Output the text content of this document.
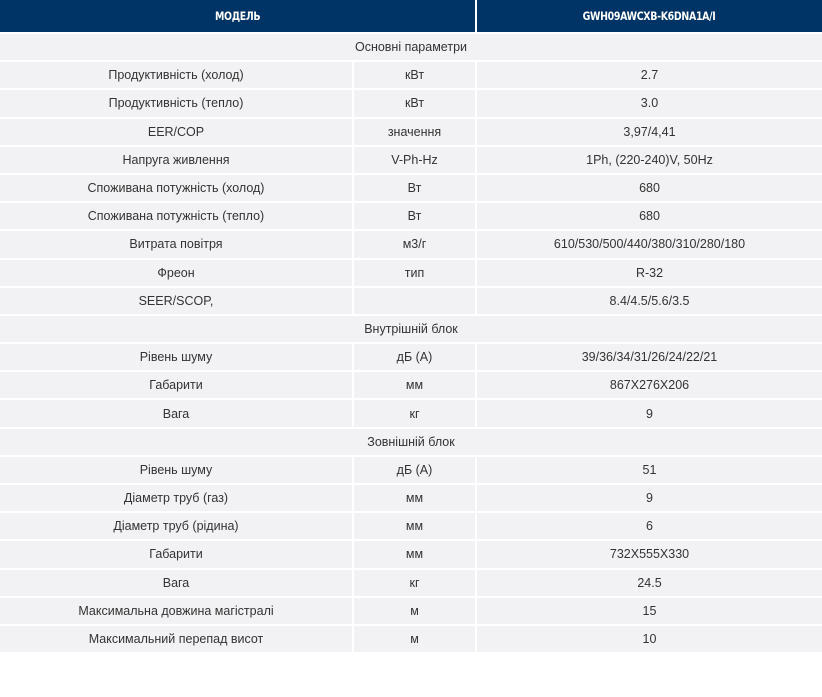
МОДЕЛЬ		GWH09AWCXB-K6DNA1A/I
Основні параметри		
Продуктивність (холод)	кВт	2.7
Продуктивність (тепло)	кВт	3.0
EER/COP	значення	3,97/4,41
Напруга живлення	V-Ph-Hz	1Ph, (220-240)V, 50Hz
Споживана потужність (холод)	Вт	680
Споживана потужність (тепло)	Вт	680
Витрата повітря	м3/г	610/530/500/440/380/310/280/180
Фреон	тип	R-32
SEER/SCOP,		8.4/4.5/5.6/3.5
Внутрішній блок		
Рівень шуму	дБ (А)	39/36/34/31/26/24/22/21
Габарити	мм	867X276X206
Вага	кг	9
Зовнішній блок		
Рівень шуму	дБ (А)	51
Діаметр труб (газ)	мм	9
Діаметр труб (рідина)	мм	6
Габарити	мм	732X555X330
Вага	кг	24.5
Максимальна довжина магістралі	м	15
Максимальний перепад висот	м	10
